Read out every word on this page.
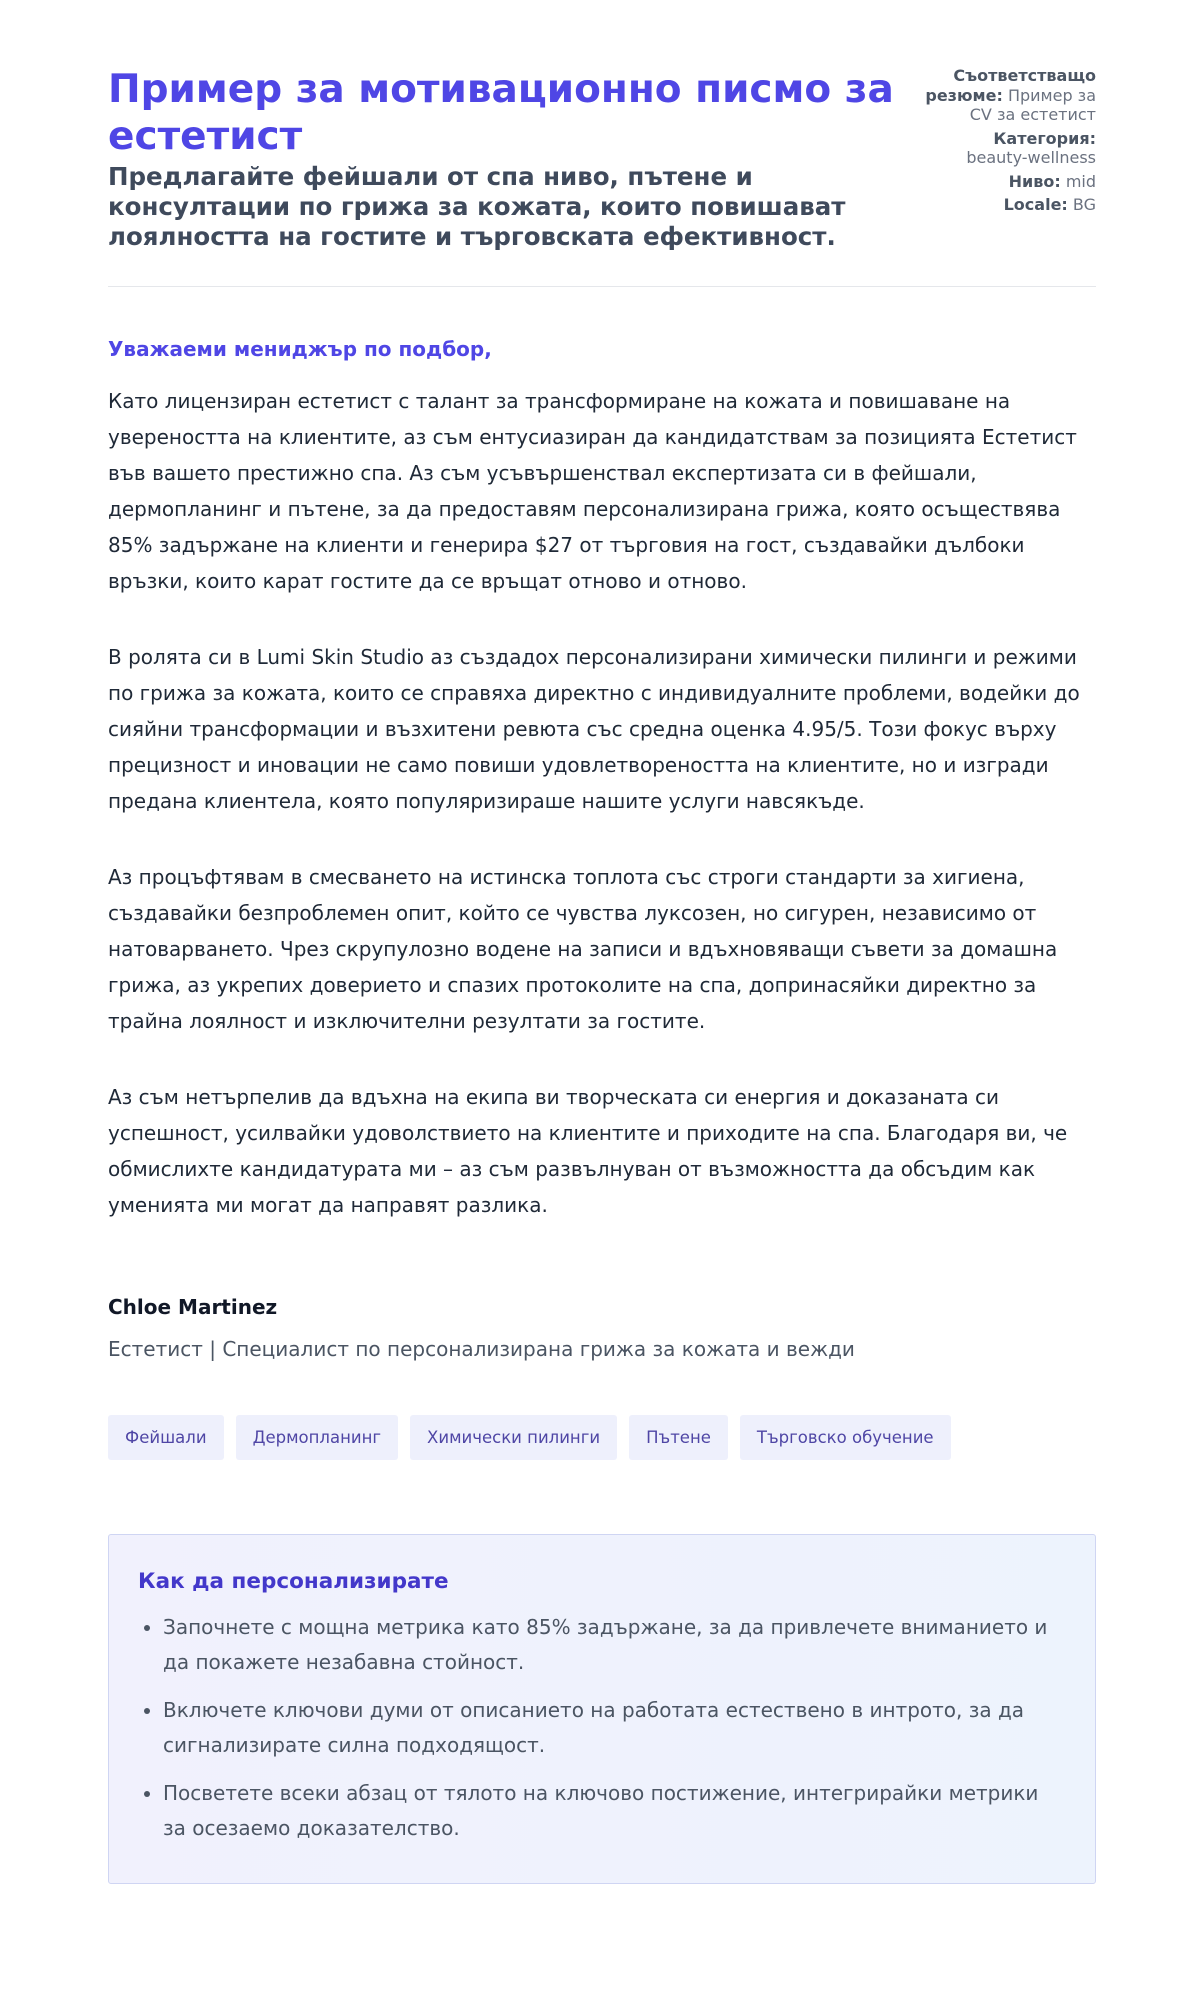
Пример за мотивационно писмо за естетист
Предлагайте фейшали от спа ниво, пътене и консултации по грижа за кожата, които повишават лоялността на гостите и търговската ефективност.
Съответстващо резюме: Пример за CV за естетист
Категория:
beauty-wellness
Ниво: mid
Locale: BG

Уважаеми мениджър по подбор,

Като лицензиран естетист с талант за трансформиране на кожата и повишаване на увереността на клиентите, аз съм ентусиазиран да кандидатствам за позицията Естетист във вашето престижно спа. Аз съм усъвършенствал експертизата си в фейшали, дермопланинг и пътене, за да предоставям персонализирана грижа, която осъществява 85% задържане на клиенти и генерира $27 от търговия на гост, създавайки дълбоки връзки, които карат гостите да се връщат отново и отново.

В ролята си в Lumi Skin Studio аз създадох персонализирани химически пилинги и режими по грижа за кожата, които се справяха директно с индивидуалните проблеми, водейки до сияйни трансформации и възхитени ревюта със средна оценка 4.95/5. Този фокус върху прецизност и иновации не само повиши удовлетвореността на клиентите, но и изгради предана клиентела, която популяризираше нашите услуги навсякъде.

Аз процъфтявам в смесването на истинска топлота със строги стандарти за хигиена, създавайки безпроблемен опит, който се чувства луксозен, но сигурен, независимо от натоварването. Чрез скрупулозно водене на записи и вдъхновяващи съвети за домашна грижа, аз укрепих доверието и спазих протоколите на спа, допринасяйки директно за трайна лоялност и изключителни резултати за гостите.

Аз съм нетърпелив да вдъхна на екипа ви творческата си енергия и доказаната си успешност, усилвайки удоволствието на клиентите и приходите на спа. Благодаря ви, че обмислихте кандидатурата ми – аз съм развълнуван от възможността да обсъдим как уменията ми могат да направят разлика.

Chloe Martinez
Естетист | Специалист по персонализирана грижа за кожата и вежди
Фейшали	Дермопланинг	Химически пилинги	Пътене	Търговско обучение
Как да персонализирате
• Започнете с мощна метрика като 85% задържане, за да привлечете вниманието и да покажете незабавна стойност.
• Включете ключови думи от описанието на работата естествено в интрото, за да сигнализирате силна подходящост.
• Посветете всеки абзац от тялото на ключово постижение, интегрирайки метрики за осезаемо доказателство.
